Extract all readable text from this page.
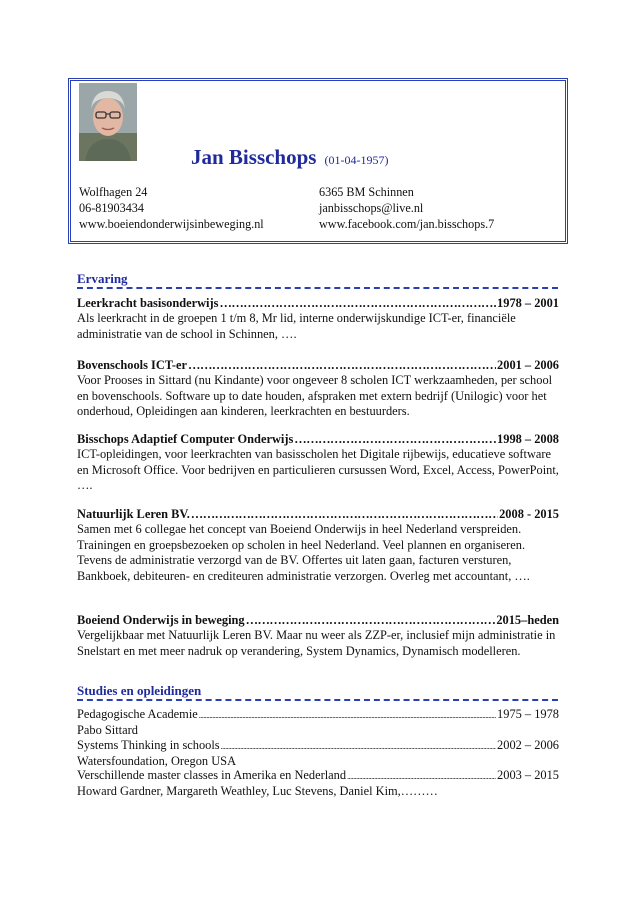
Jan Bisschops (01-04-1957)
Wolfhagen 24
06-81903434
www.boeiendonderwijsinbeweging.nl
6365 BM Schinnen
janbisschops@live.nl
www.facebook.com/jan.bisschops.7
Ervaring
Leerkracht basisonderwijs ……………………………………………………………………………………………………………………………………………………………	1978 – 2001
Als leerkracht in de groepen 1 t/m 8, Mr lid, interne onderwijskundige ICT-er, financiële administratie van de school in Schinnen, ….
Bovenschools ICT-er ……………………………………………………………………………………………………………………………………………………………	2001 – 2006
Voor Prooses in Sittard (nu Kindante) voor ongeveer 8 scholen ICT werkzaamheden, per school en bovenschools. Software up to date houden, afspraken met extern bedrijf (Unilogic) voor het onderhoud, Opleidingen aan kinderen, leerkrachten en bestuurders.
Bisschops Adaptief Computer Onderwijs ……………………………………………………………………………………………………………………………………………………………	1998 – 2008
ICT-opleidingen, voor leerkrachten van basisscholen het Digitale rijbewijs, educatieve software en Microsoft Office. Voor bedrijven en particulieren cursussen Word, Excel, Access, PowerPoint, ….
Natuurlijk Leren BV. ……………………………………………………………………………………………………………………………………………………………	2008 - 2015
Samen met 6 collegae het concept van Boeiend Onderwijs in heel Nederland verspreiden. Trainingen en groepsbezoeken op scholen in heel Nederland. Veel plannen en organiseren. Tevens de administratie verzorgd van de BV. Offertes uit laten gaan, facturen versturen, Bankboek, debiteuren- en crediteuren administratie verzorgen. Overleg met accountant, ….
Boeiend Onderwijs in beweging ……………………………………………………………………………………………………………………………………………………………	2015–heden
Vergelijkbaar met Natuurlijk Leren BV. Maar nu weer als ZZP-er, inclusief mijn administratie in Snelstart en met meer nadruk op verandering, System Dynamics, Dynamisch modelleren.
Studies en opleidingen
Pedagogische Academie .....	1975 – 1978
Pabo Sittard
Systems Thinking in schools .....	2002 – 2006
Watersfoundation, Oregon USA
Verschillende master classes in Amerika en Nederland .....	2003 – 2015
Howard Gardner, Margareth Weathley, Luc Stevens, Daniel Kim,………
